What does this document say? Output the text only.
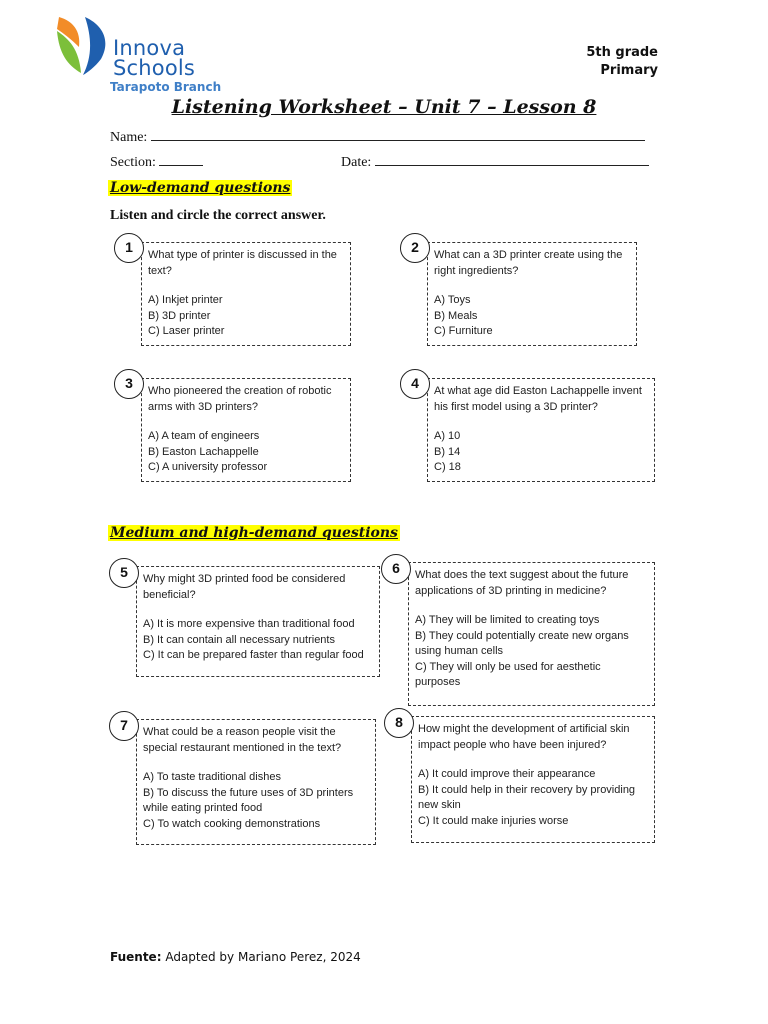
Innova
Schools
Tarapoto Branch
5th grade
Primary
Listening Worksheet – Unit 7 – Lesson 8
Name:
Section:	Date:
Low-demand questions
Listen and circle the correct answer.
What type of printer is discussed in the text?
A) Inkjet printer
B) 3D printer
C) Laser printer
1	What can a 3D printer create using the right ingredients?
A) Toys
B) Meals
C) Furniture
2
Who pioneered the creation of robotic arms with 3D printers?
A) A team of engineers
B) Easton Lachappelle
C) A university professor
3	At what age did Easton Lachappelle invent his first model using a 3D printer?
A) 10
B) 14
C) 18
4
Medium and high-demand questions
Why might 3D printed food be considered beneficial?
A) It is more expensive than traditional food
B) It can contain all necessary nutrients
C) It can be prepared faster than regular food
5	What does the text suggest about the future applications of 3D printing in medicine?
A) They will be limited to creating toys
B) They could potentially create new organs using human cells
C) They will only be used for aesthetic purposes
6
What could be a reason people visit the special restaurant mentioned in the text?
A) To taste traditional dishes
B) To discuss the future uses of 3D printers while eating printed food
C) To watch cooking demonstrations
7	How might the development of artificial skin impact people who have been injured?
A) It could improve their appearance
B) It could help in their recovery by providing new skin
C) It could make injuries worse
8
Fuente: Adapted by Mariano Perez, 2024
